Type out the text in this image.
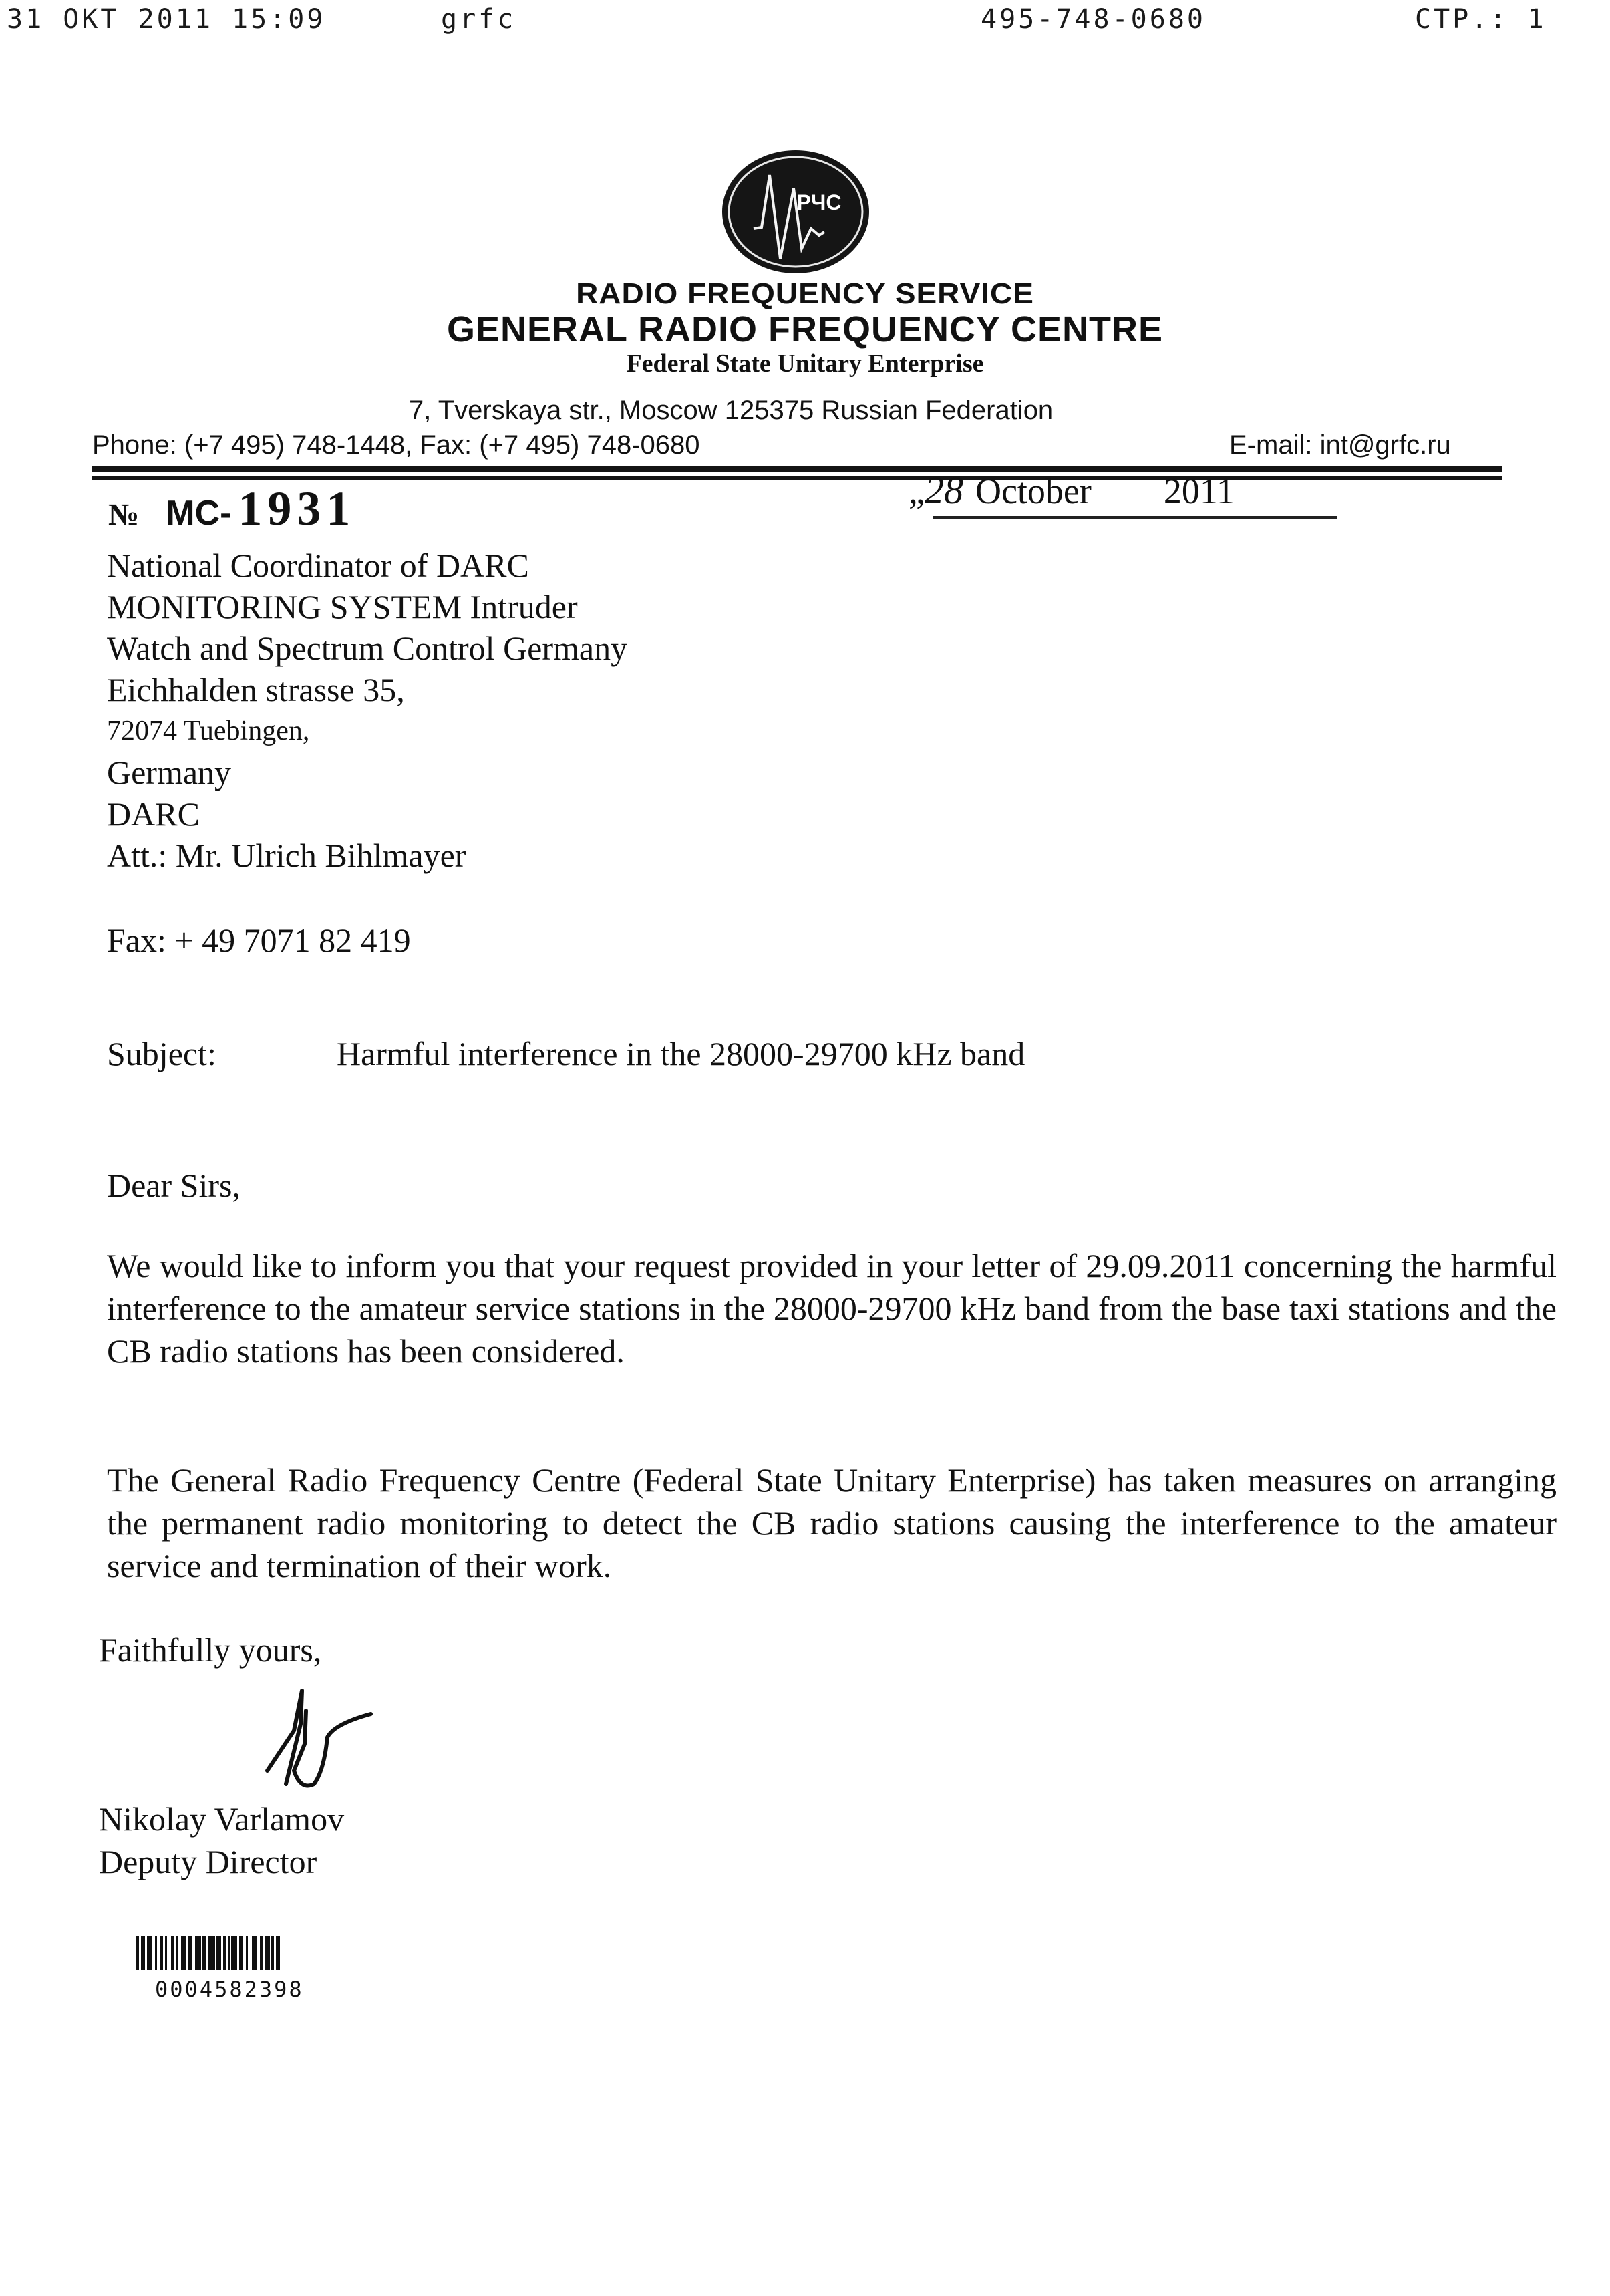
31 OKT 2011 15:09	grfc	495-748-0680	CTP.: 1
РЧС
RADIO FREQUENCY SERVICE
GENERAL RADIO FREQUENCY CENTRE
Federal State Unitary Enterprise
7, Tverskaya str., Moscow 125375 Russian Federation
Phone: (+7 495) 748-1448, Fax: (+7 495) 748-0680	E-mail: int@grfc.ru
№ МС- 1931	„28 October 2011
National Coordinator of DARC
MONITORING SYSTEM Intruder
Watch and Spectrum Control Germany
Eichhalden strasse 35,
72074 Tuebingen,
Germany
DARC
Att.: Mr. Ulrich Bihlmayer
Fax: + 49 7071 82 419
Subject:	Harmful interference in the 28000-29700 kHz band
Dear Sirs,
We would like to inform you that your request provided in your letter of 29.09.2011 concerning the harmful interference to the amateur service stations in the 28000-29700 kHz band from the base taxi stations and the CB radio stations has been considered.
The General Radio Frequency Centre (Federal State Unitary Enterprise) has taken measures on arranging the permanent radio monitoring to detect the CB radio stations causing the interference to the amateur service and termination of their work.
Faithfully yours,
Nikolay Varlamov
Deputy Director
0004582398
